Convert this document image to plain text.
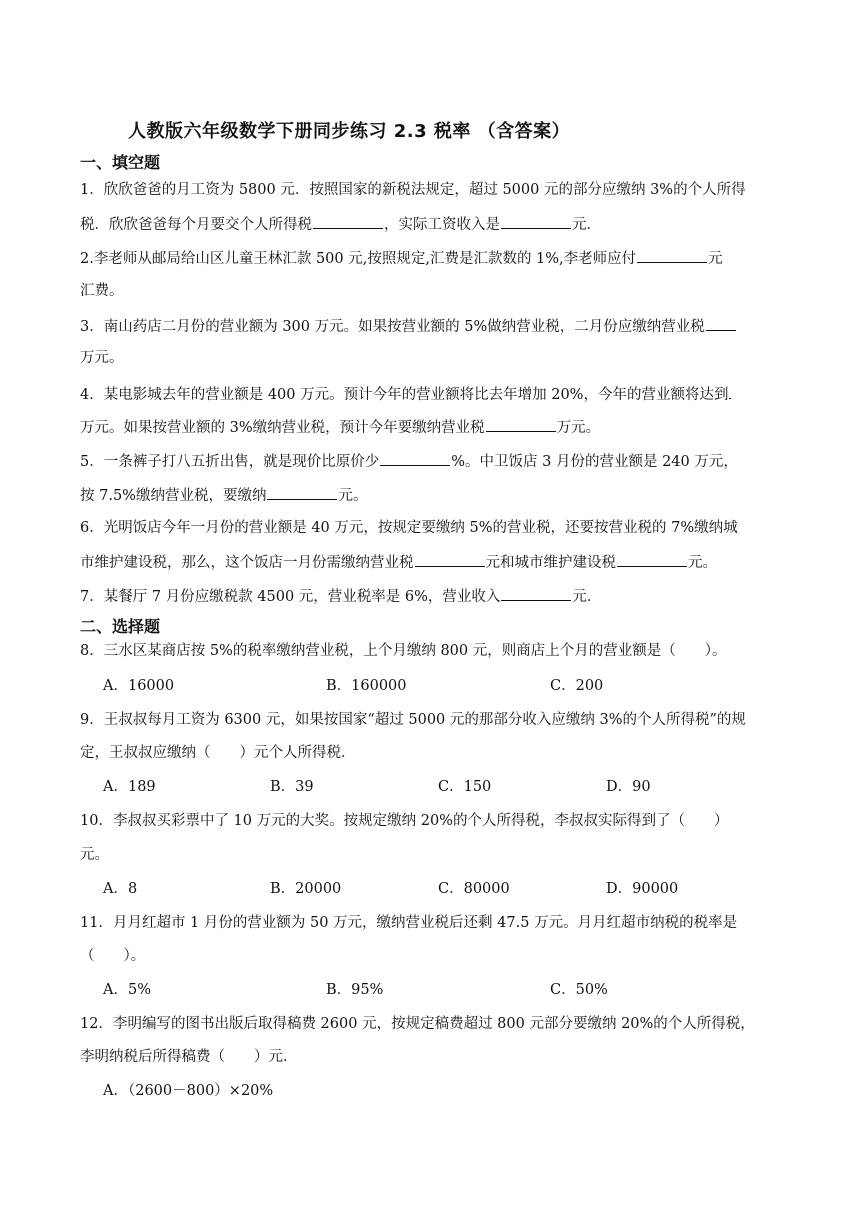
人教版六年级数学下册同步练习 2.3 税率 （含答案）
一、填空题
1．欣欣爸爸的月工资为 5800 元．按照国家的新税法规定，超过 5000 元的部分应缴纳 3%的个人所得
税．欣欣爸爸每个月要交个人所得税	，实际工资收入是	元．
2.李老师从邮局给山区儿童王林汇款 500 元,按照规定,汇费是汇款数的 1%,李老师应付	元
汇费。
3．南山药店二月份的营业额为 300 万元。如果按营业额的 5%做纳营业税，二月份应缴纳营业税
万元。
4．某电影城去年的营业额是 400 万元。预计今年的营业额将比去年增加 20%，今年的营业额将达到
万元。如果按营业额的 3%缴纳营业税，预计今年要缴纳营业税	万元。
5．一条裤子打八五折出售，就是现价比原价少	%。中卫饭店 3 月份的营业额是 240 万元，
按 7.5%缴纳营业税，要缴纳	元。
6．光明饭店今年一月份的营业额是 40 万元，按规定要缴纳 5%的营业税，还要按营业税的 7%缴纳城
市维护建设税，那么，这个饭店一月份需缴纳营业税	元和城市维护建设税	元。
7．某餐厅 7 月份应缴税款 4500 元，营业税率是 6%，营业收入	元．
二、选择题
8．三水区某商店按 5%的税率缴纳营业税，上个月缴纳 800 元，则商店上个月的营业额是（　　）。
A．16000	B．160000	C．200
9．王叔叔每月工资为 6300 元，如果按国家“超过 5000 元的那部分收入应缴纳 3%的个人所得税”的规
定，王叔叔应缴纳（　　）元个人所得税．
A．189	B．39	C．150	D．90
10．李叔叔买彩票中了 10 万元的大奖。按规定缴纳 20%的个人所得税，李叔叔实际得到了（　　）
元。
A．8	B．20000	C．80000	D．90000
11．月月红超市 1 月份的营业额为 50 万元，缴纳营业税后还剩 47.5 万元。月月红超市纳税的税率是
（　　）。
A．5%	B．95%	C．50%
12．李明编写的图书出版后取得稿费 2600 元，按规定稿费超过 800 元部分要缴纳 20%的个人所得税，
李明纳税后所得稿费（　　）元．
A．（2600－800）×20%
